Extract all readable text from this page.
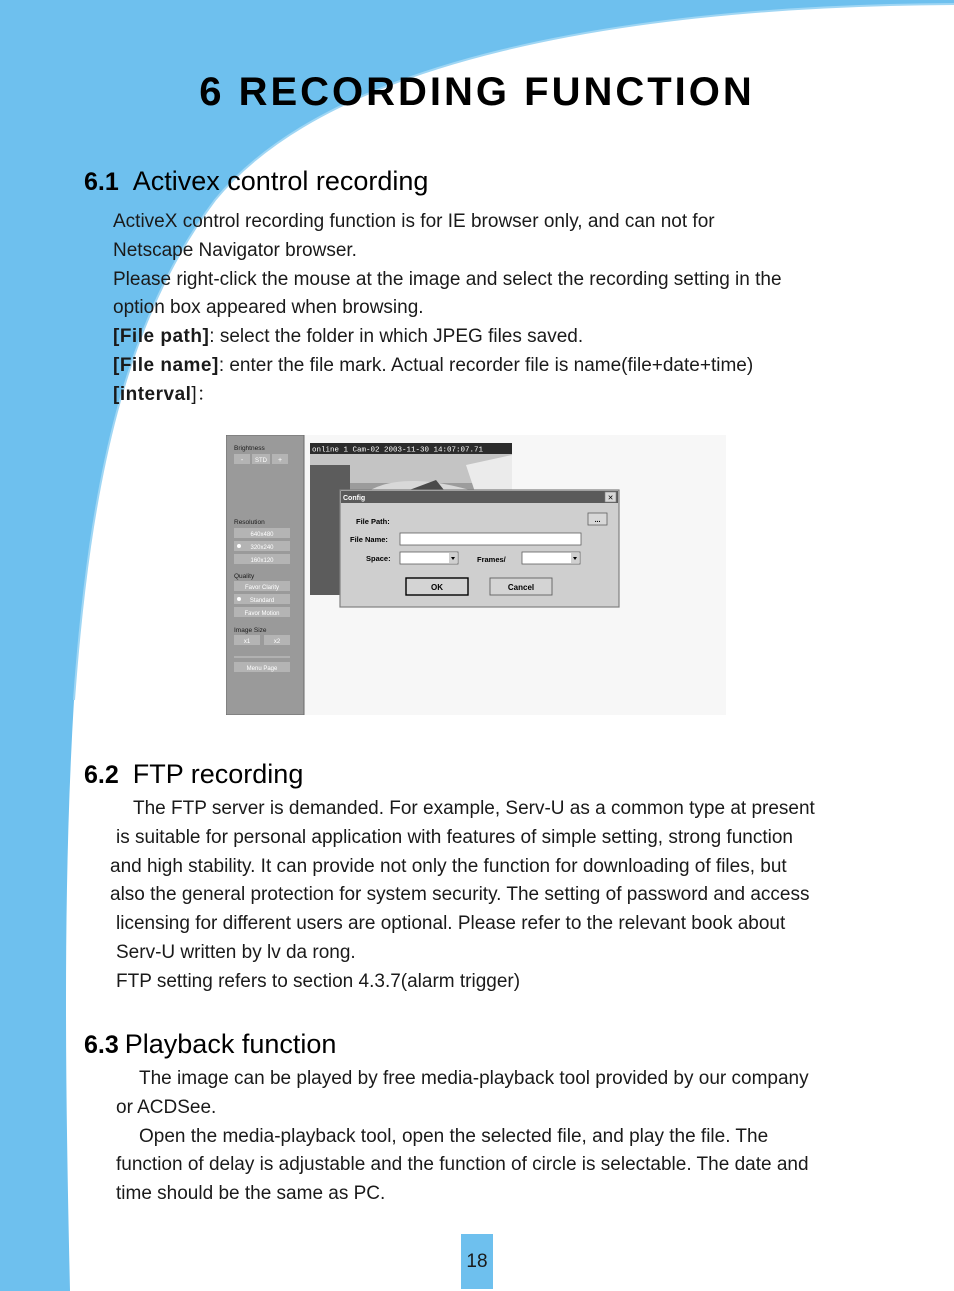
6 RECORDING FUNCTION
6.1 Activex control recording
ActiveX control recording function is for IE browser only, and can not for
Netscape Navigator browser.
Please right-click the mouse at the image and select the recording setting in the
option box appeared when browsing.
[File path]: select the folder in which JPEG files saved.
[File name]: enter the file mark. Actual recorder file is name(file+date+time)
[interval]：
Brightness
- STD +
Resolution
640x480
320x240
160x120
Quality
Favor Clarity
Standard
Favor Motion
Image Size
x1	x2
Menu Page
online 1 Cam-02 2003-11-30 14:07:07.71
Config	✕
File Path:	...
File Name:
Space:	Frames/
OK	Cancel
6.2 FTP recording
The FTP server is demanded. For example, Serv-U as a common type at present
is suitable for personal application with features of simple setting, strong function
and high stability. It can provide not only the function for downloading of files, but
also the general protection for system security. The setting of password and access
licensing for different users are optional. Please refer to the relevant book about
Serv-U written by lv da rong.
FTP setting refers to section 4.3.7(alarm trigger)
6.3 Playback function
The image can be played by free media-playback tool provided by our company
or ACDSee.
Open the media-playback tool, open the selected file, and play the file. The
function of delay is adjustable and the function of circle is selectable. The date and
time should be the same as PC.
18
